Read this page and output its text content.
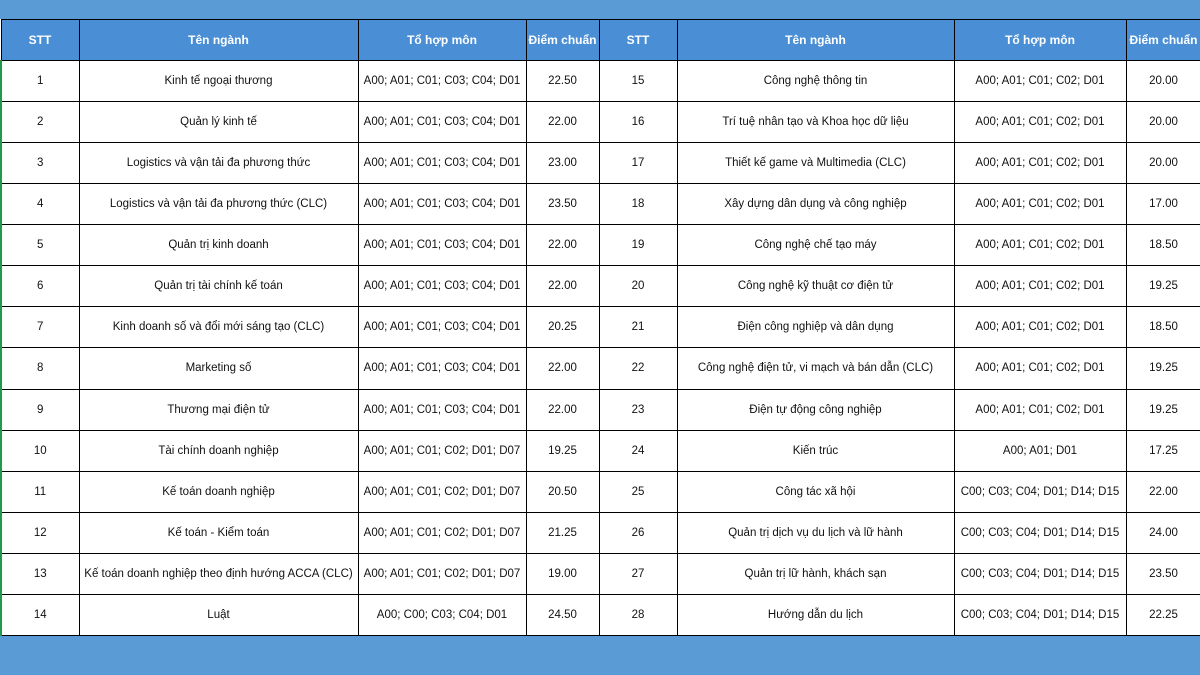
STT	Tên ngành	Tổ hợp môn	Điểm chuẩn	STT	Tên ngành	Tổ hợp môn	Điểm chuẩn
1	Kinh tế ngoại thương	A00; A01; C01; C03; C04; D01	22.50	15	Công nghệ thông tin	A00; A01; C01; C02; D01	20.00
2	Quản lý kinh tế	A00; A01; C01; C03; C04; D01	22.00	16	Trí tuệ nhân tạo và Khoa học dữ liệu	A00; A01; C01; C02; D01	20.00
3	Logistics và vận tải đa phương thức	A00; A01; C01; C03; C04; D01	23.00	17	Thiết kế game và Multimedia (CLC)	A00; A01; C01; C02; D01	20.00
4	Logistics và vận tải đa phương thức (CLC)	A00; A01; C01; C03; C04; D01	23.50	18	Xây dựng dân dụng và công nghiệp	A00; A01; C01; C02; D01	17.00
5	Quản trị kinh doanh	A00; A01; C01; C03; C04; D01	22.00	19	Công nghệ chế tạo máy	A00; A01; C01; C02; D01	18.50
6	Quản trị tài chính kế toán	A00; A01; C01; C03; C04; D01	22.00	20	Công nghệ kỹ thuật cơ điện tử	A00; A01; C01; C02; D01	19.25
7	Kinh doanh số và đổi mới sáng tạo (CLC)	A00; A01; C01; C03; C04; D01	20.25	21	Điện công nghiệp và dân dụng	A00; A01; C01; C02; D01	18.50
8	Marketing số	A00; A01; C01; C03; C04; D01	22.00	22	Công nghệ điện tử, vi mạch và bán dẫn (CLC)	A00; A01; C01; C02; D01	19.25
9	Thương mại điện tử	A00; A01; C01; C03; C04; D01	22.00	23	Điện tự động công nghiệp	A00; A01; C01; C02; D01	19.25
10	Tài chính doanh nghiệp	A00; A01; C01; C02; D01; D07	19.25	24	Kiến trúc	A00; A01; D01	17.25
11	Kế toán doanh nghiệp	A00; A01; C01; C02; D01; D07	20.50	25	Công tác xã hội	C00; C03; C04; D01; D14; D15	22.00
12	Kế toán - Kiểm toán	A00; A01; C01; C02; D01; D07	21.25	26	Quản trị dịch vụ du lịch và lữ hành	C00; C03; C04; D01; D14; D15	24.00
13	Kế toán doanh nghiệp theo định hướng ACCA (CLC)	A00; A01; C01; C02; D01; D07	19.00	27	Quản trị lữ hành, khách sạn	C00; C03; C04; D01; D14; D15	23.50
14	Luật	A00; C00; C03; C04; D01	24.50	28	Hướng dẫn du lịch	C00; C03; C04; D01; D14; D15	22.25
